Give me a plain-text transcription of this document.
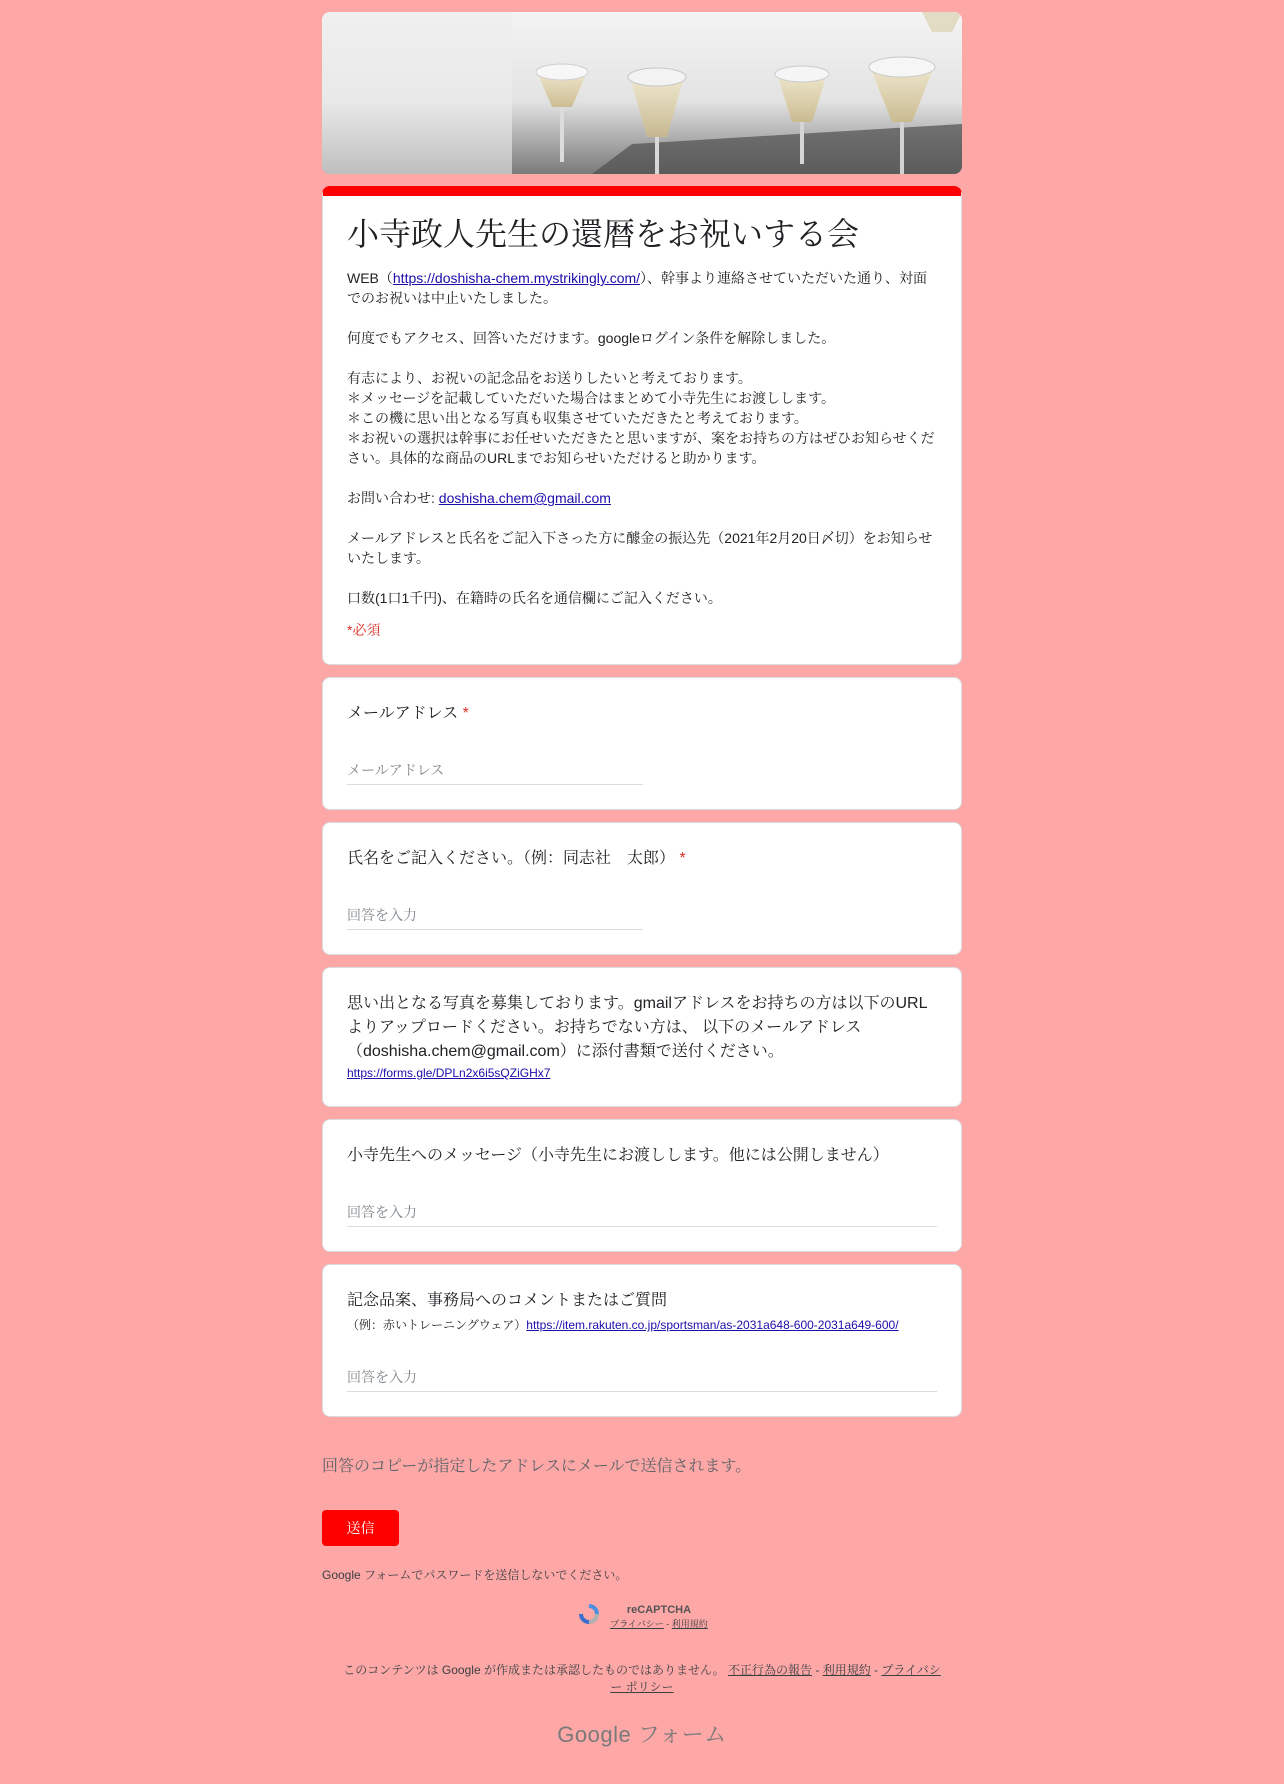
小寺政人先生の還暦をお祝いする会

WEB（https://doshisha-chem.mystrikingly.com/）、幹事より連絡させていただいた通り、対面でのお祝いは中止いたしました。

何度でもアクセス、回答いただけます。googleログイン条件を解除しました。

有志により、お祝いの記念品をお送りしたいと考えております。

＊メッセージを記載していただいた場合はまとめて小寺先生にお渡しします。

＊この機に思い出となる写真も収集させていただきたと考えております。

＊お祝いの選択は幹事にお任せいただきたと思いますが、案をお持ちの方はぜひお知らせください。具体的な商品のURLまでお知らせいただけると助かります。

お問い合わせ: doshisha.chem@gmail.com

メールアドレスと氏名をご記入下さった方に醵金の振込先（2021年2月20日〆切）をお知らせいたします。

口数(1口1千円)、在籍時の氏名を通信欄にご記入ください。

*必須
メールアドレス *
メールアドレス
氏名をご記入ください。（例：同志社　太郎） *
回答を入力
思い出となる写真を募集しております。gmailアドレスをお持ちの方は以下のURLよりアップロードください。お持ちでない方は、 以下のメールアドレス（doshisha.chem@gmail.com）に添付書類で送付ください。
https://forms.gle/DPLn2x6i5sQZiGHx7
小寺先生へのメッセージ（小寺先生にお渡しします。他には公開しません）
回答を入力
記念品案、事務局へのコメントまたはご質問
（例：赤いトレーニングウェア）https://item.rakuten.co.jp/sportsman/as-2031a648-600-2031a649-600/
回答を入力

回答のコピーが指定したアドレスにメールで送信されます。

送信
Google フォームでパスワードを送信しないでください。
reCAPTCHA
プライバシー - 利用規約
このコンテンツは Google が作成または承認したものではありません。 不正行為の報告 - 利用規約 - プライバシー ポリシー
Google フォーム
